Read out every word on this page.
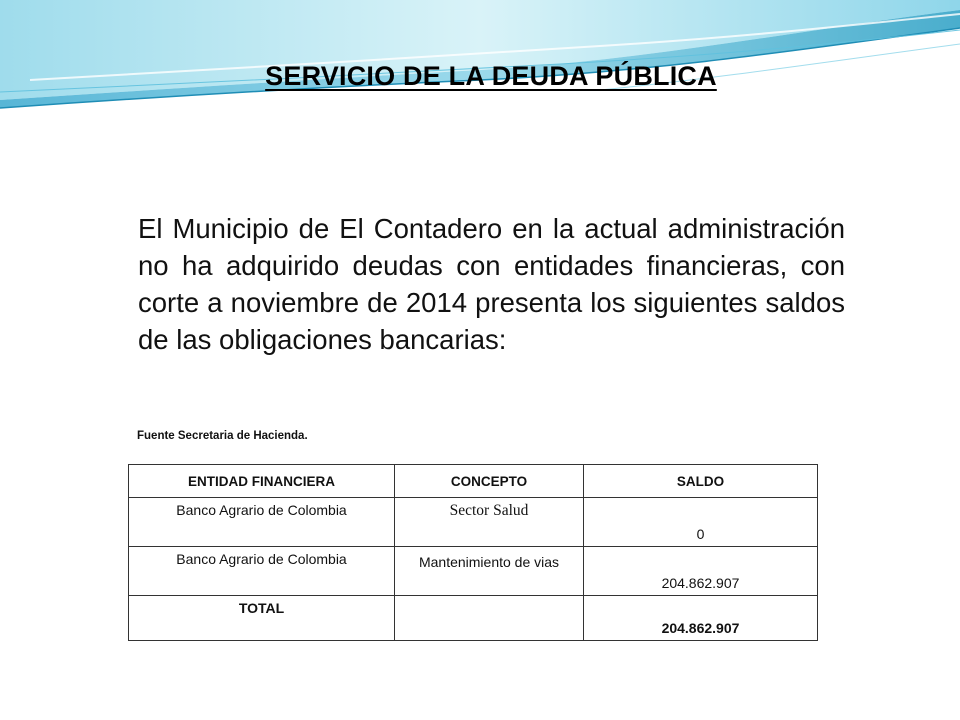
SERVICIO DE LA DEUDA PÚBLICA
El Municipio de El Contadero en la actual administración no ha adquirido deudas con entidades financieras, con corte a noviembre de 2014 presenta los siguientes saldos de las obligaciones bancarias:
Fuente Secretaria de Hacienda.
ENTIDAD FINANCIERA	CONCEPTO	SALDO
Banco Agrario de Colombia	Sector Salud	0
Banco Agrario de Colombia	Mantenimiento de vias	204.862.907
TOTAL		204.862.907
